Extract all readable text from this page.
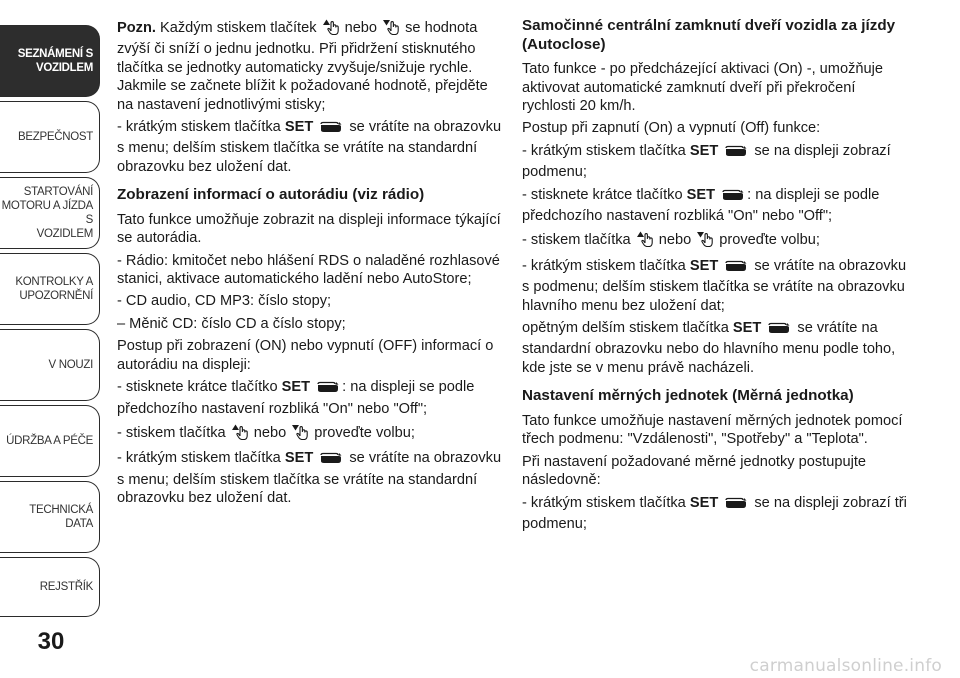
SEZNÁMENÍ S
VOZIDLEM
BEZPEČNOST
STARTOVÁNÍ
MOTORU A JÍZDA S
VOZIDLEM
KONTROLKY A
UPOZORNĚNÍ
V NOUZI
ÚDRŽBA A PÉČE
TECHNICKÁ DATA
REJSTŘÍK
30

Pozn. Každým stiskem tlačítek nebo se hodnota zvýší či sníží o jednu jednotku. Při přidržení stisknutého tlačítka se jednotky automaticky zvyšuje/snižuje rychle. Jakmile se začnete blížit k požadované hodnotě, přejděte na nastavení jednotlivými stisky;

- krátkým stiskem tlačítka SET se vrátíte na obrazovku s menu; delším stiskem tlačítka se vrátíte na standardní obrazovku bez uložení dat.

Zobrazení informací o autorádiu (viz rádio)

Tato funkce umožňuje zobrazit na displeji informace týkající se autorádia.

- Rádio: kmitočet nebo hlášení RDS o naladěné rozhlasové stanici, aktivace automatického ladění nebo AutoStore;

- CD audio, CD MP3: číslo stopy;

– Měnič CD: číslo CD a číslo stopy;

Postup při zobrazení (ON) nebo vypnutí (OFF) informací o autorádiu na displeji:

- stisknete krátce tlačítko SET : na displeji se podle předchozího nastavení rozbliká "On" nebo "Off";

- stiskem tlačítka nebo proveďte volbu;

- krátkým stiskem tlačítka SET se vrátíte na obrazovku s menu; delším stiskem tlačítka se vrátíte na standardní obrazovku bez uložení dat.

Samočinné centrální zamknutí dveří vozidla za jízdy (Autoclose)

Tato funkce - po předcházející aktivaci (On) -, umožňuje aktivovat automatické zamknutí dveří při překročení rychlosti 20 km/h.

Postup při zapnutí (On) a vypnutí (Off) funkce:

- krátkým stiskem tlačítka SET se na displeji zobrazí podmenu;

- stisknete krátce tlačítko SET : na displeji se podle předchozího nastavení rozbliká "On" nebo "Off";

- stiskem tlačítka nebo proveďte volbu;

- krátkým stiskem tlačítka SET se vrátíte na obrazovku s podmenu; delším stiskem tlačítka se vrátíte na obrazovku hlavního menu bez uložení dat;

opětným delším stiskem tlačítka SET se vrátíte na standardní obrazovku nebo do hlavního menu podle toho, kde jste se v menu právě nacházeli.

Nastavení měrných jednotek (Měrná jednotka)

Tato funkce umožňuje nastavení měrných jednotek pomocí třech podmenu: "Vzdálenosti", "Spotřeby" a "Teplota".

Při nastavení požadované měrné jednotky postupujte následovně:

- krátkým stiskem tlačítka SET se na displeji zobrazí tři podmenu;

carmanualsonline.info
